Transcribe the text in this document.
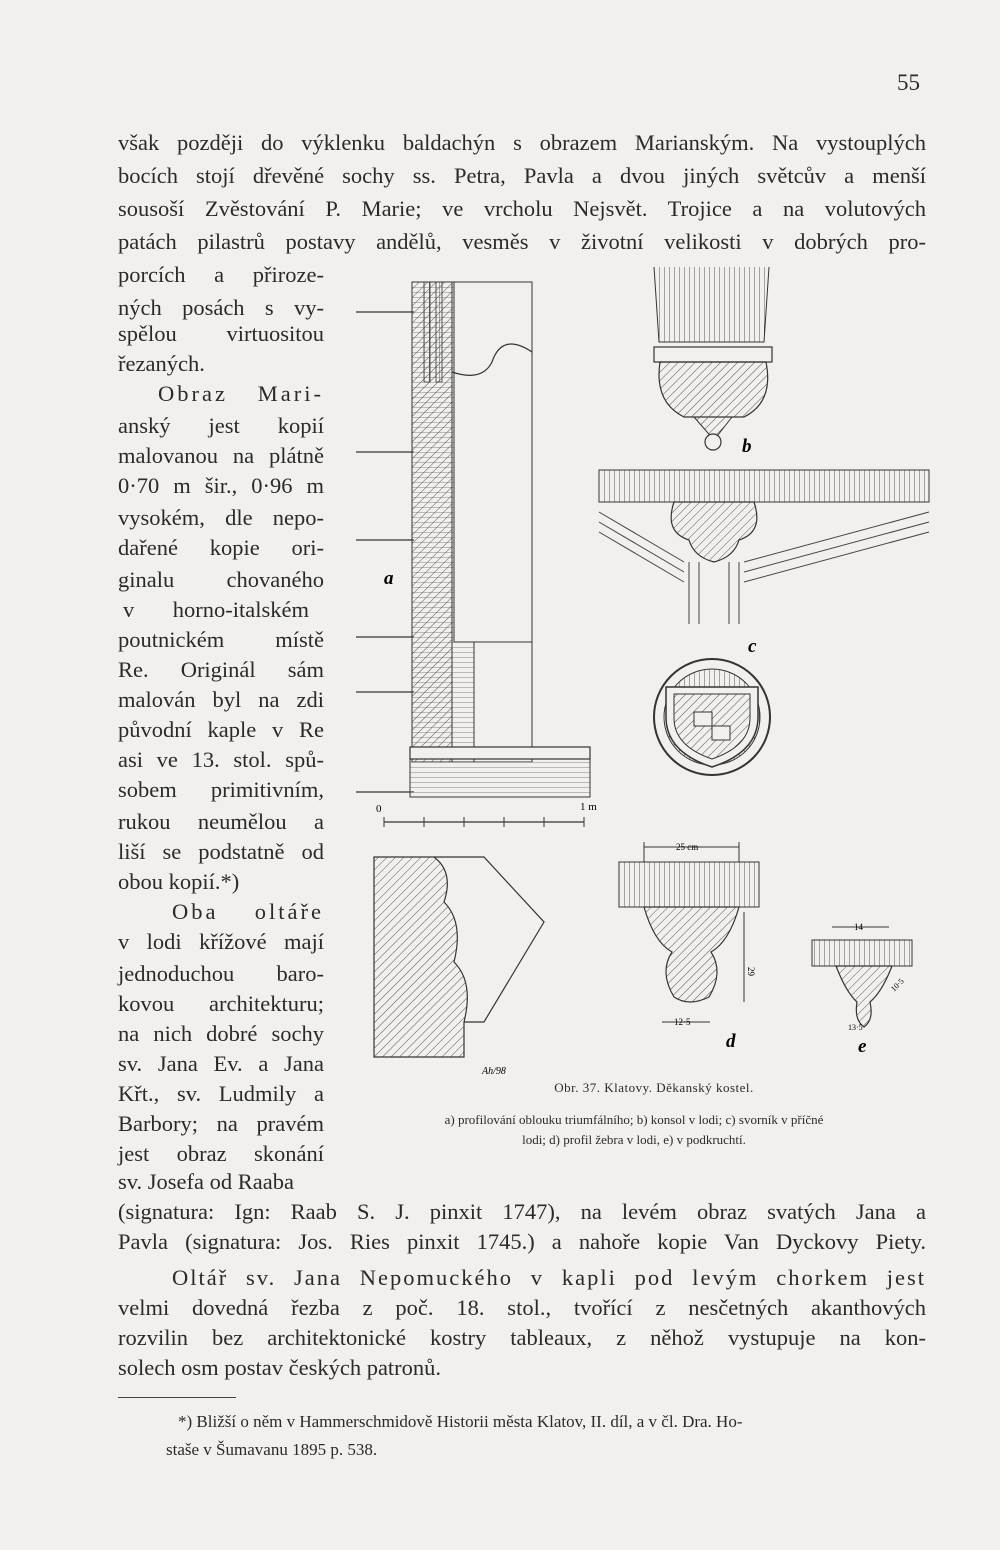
55
však později do výklenku baldachýn s obrazem Marianským. Na vystouplých
bocích stojí dřevěné sochy ss. Petra, Pavla a dvou jiných světcův a menší
sousoší Zvěstování P. Marie; ve vrcholu Nejsvět. Trojice a na volutových
patách pilastrů postavy andělů, vesměs v životní velikosti v dobrých pro-
porcích a přiroze-
ných posách s vy-
spělou virtuositou
řezaných.
Obraz Mari-
anský jest kopií
malovanou na plátně
0·70 m šir., 0·96 m
vysokém, dle nepo-
dařené kopie ori-
ginalu chovaného
v horno-italském
poutnickém místě
Re. Originál sám
malován byl na zdi
původní kaple v Re
asi ve 13. stol. spů-
sobem primitivním,
rukou neumělou a
liší se podstatně od
obou kopií.*)
Oba oltáře
v lodi křížové mají
jednoduchou baro-
kovou architekturu;
na nich dobré sochy
sv. Jana Ev. a Jana
Křt., sv. Ludmily a
Barbory; na pravém
jest obraz skonání
sv. Josefa od Raaba
(signatura: Ign: Raab S. J. pinxit 1747), na levém obraz svatých Jana a
Pavla (signatura: Jos. Ries pinxit 1745.) a nahoře kopie Van Dyckovy Piety.
Oltář sv. Jana Nepomuckého v kapli pod levým chorkem jest
velmi dovedná řezba z poč. 18. stol., tvořící z nesčetných akanthových
rozvilin bez architektonické kostry tableaux, z něhož vystupuje na kon-
solech osm postav českých patronů.
a
0	1 m
b
c
Ah/98
25 cm
29
12·5
d
14
10·5
13·5
e
Obr. 37. Klatovy. Děkanský kostel.
a) profilování oblouku triumfálního; b) konsol v lodi; c) svorník v příčné
lodi; d) profil žebra v lodi, e) v podkruchtí.
*) Bližší o něm v Hammerschmidově Historii města Klatov, II. díl, a v čl. Dra. Ho-
staše v Šumavanu 1895 p. 538.
